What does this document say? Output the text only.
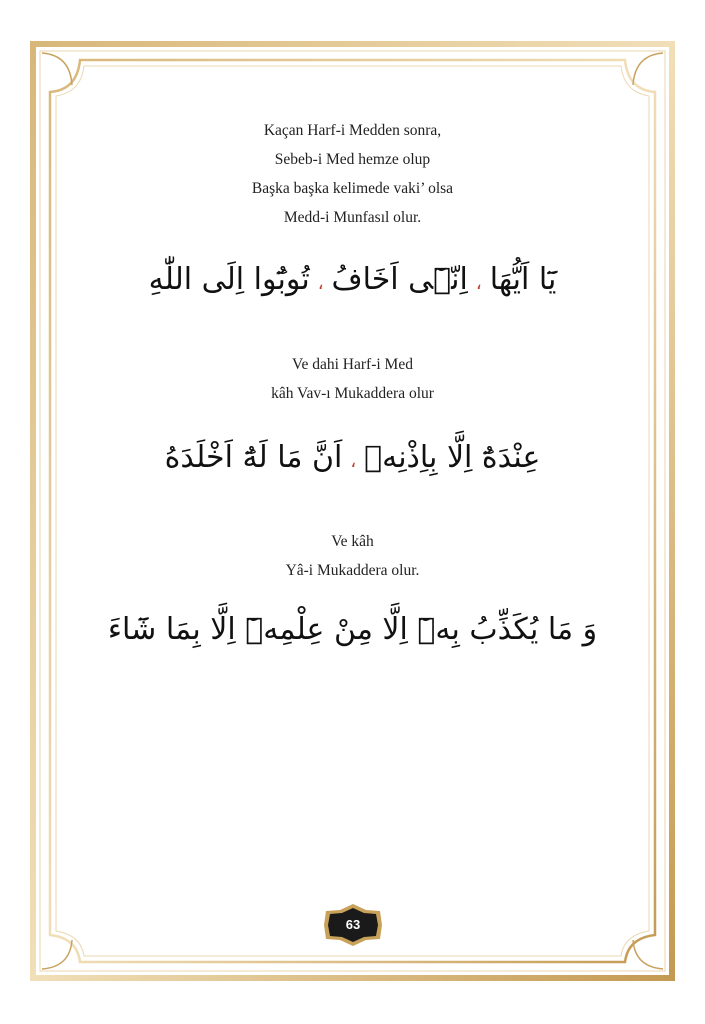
Kaçan Harf-i Medden sonra,
Sebeb-i Med hemze olup
Başka başka kelimede vaki’ olsa
Medd-i Munfasıl olur.
يَٓا اَيُّهَا،اِنّ۪ٓى اَخَافُ،تُوبُٓوا اِلَى اللّٰهِ
Ve dahi Harf-i Med
kâh Vav-ı Mukaddera olur
عِنْدَهُٓ اِلَّا بِاِذْنِه۪،اَنَّ مَا لَهُٓ اَخْلَدَهُ
Ve kâh
Yâ-i Mukaddera olur.
وَ مَا يُكَذِّبُ بِه۪ٓ اِلَّا مِنْ عِلْمِه۪ٓ اِلَّا بِمَا شَٓاءَ
63
